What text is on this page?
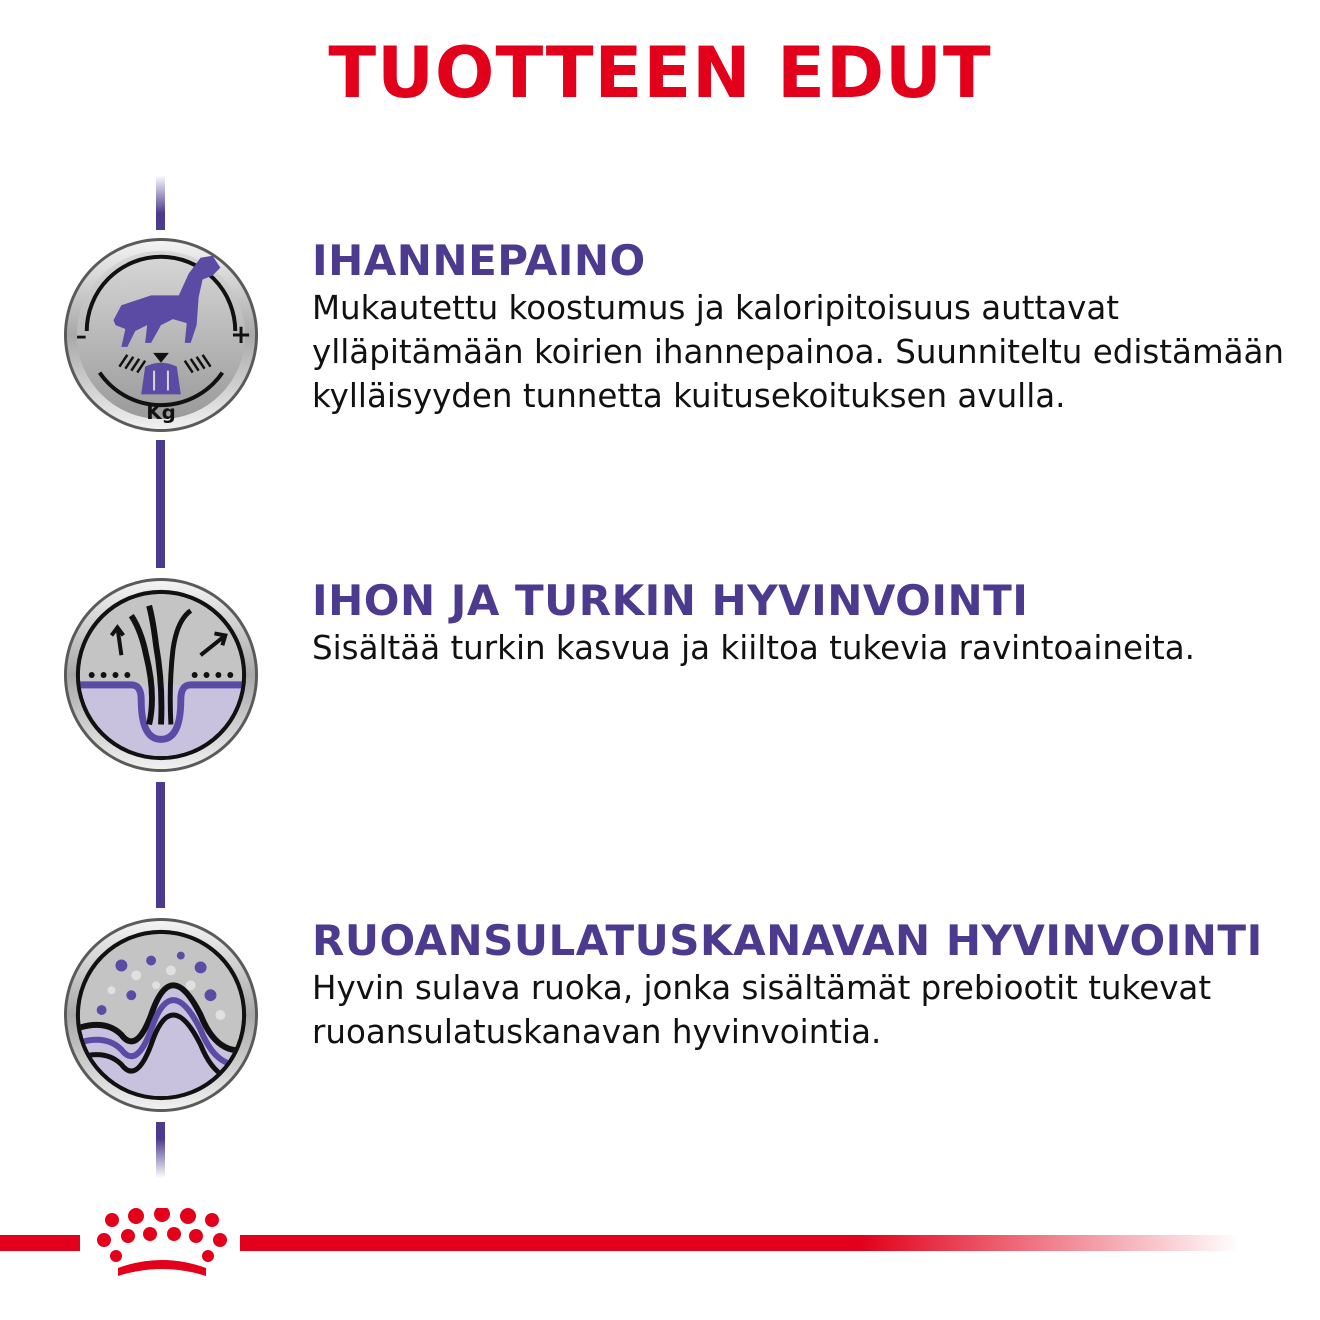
TUOTTEEN EDUT
–	+
Kg
IHANNEPAINO

Mukautettu koostumus ja kaloripitoisuus auttavat ylläpitämään koirien ihannepainoa. Suunniteltu edistämään kylläisyyden tunnetta kuitusekoituksen avulla.

IHON JA TURKIN HYVINVOINTI

Sisältää turkin kasvua ja kiiltoa tukevia ravintoaineita.

RUOANSULATUSKANAVAN HYVINVOINTI

Hyvin sulava ruoka, jonka sisältämät prebiootit tukevat ruoansulatuskanavan hyvinvointia.
